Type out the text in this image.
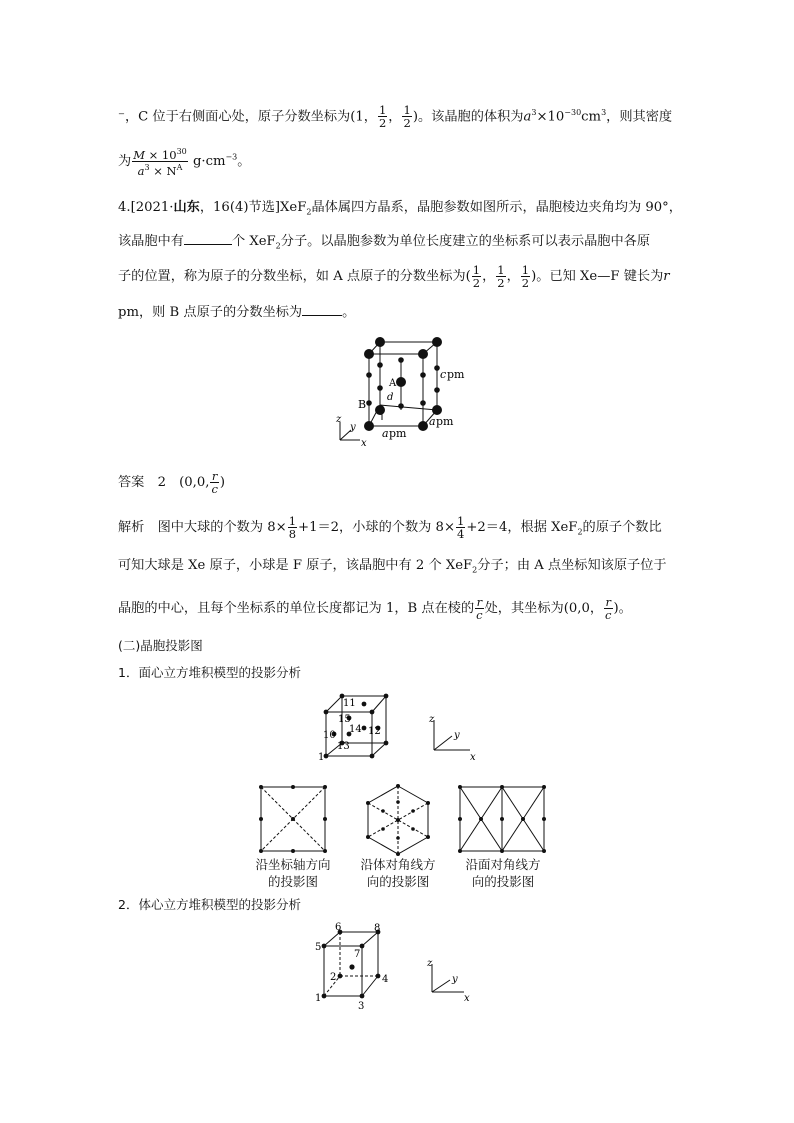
⁻，C 位于右侧面心处，原子分数坐标为(1， $\frac{1}{2}$ ， $\frac{1}{2}$ )。该晶胞的体积为$a^3\times 10^{-30}cm^3$，则其密度
为 $\frac{M \times 10^{30}}{a^3 \times N^A} g\cdot cm^{-3}$。
4.[2021·山东，16(4)节选]XeF$_2$晶体属四方晶系，晶胞参数如图所示，晶胞棱边夹角均为 90°，
该晶胞中有	个 XeF$_2$分子。以晶胞参数为单位长度建立的坐标系可以表示晶胞中各原
子的位置，称为原子的分数坐标，如 A 点原子的分数坐标为( $\frac{1}{2}$ ， $\frac{1}{2}$ ， $\frac{1}{2}$ )。已知 Xe—F 键长为r
pm，则 B 点原子的分数坐标为	。
c pm
a pm
a pm
A
B
d
z
y
x
答案　 2　(0,0, $\frac{r}{c}$ )
解析　 图中大球的个数为 $8\times \frac{1}{8} +1=2$，小球的个数为 $8\times \frac{1}{4} +2=4$，根据 XeF$_2$的原子个数比
可知大球是 Xe 原子，小球是 F 原子，该晶胞中有 2 个 XeF$_2$分子；由 A 点坐标知该原子位于
晶胞的中心，且每个坐标系的单位长度都记为 1，B 点在棱的 $\frac{r}{c}$ 处，其坐标为(0,0， $\frac{r}{c}$ )。
(二)晶胞投影图
1．面心立方堆积模型的投影分析
11
15
10
14 12
13
1
z
y
x
沿坐标轴方向
的投影图
沿体对角线方
向的投影图
沿面对角线方
向的投影图
2．体心立方堆积模型的投影分析
6	8
5
7
2	4
1
3
z
y
x
